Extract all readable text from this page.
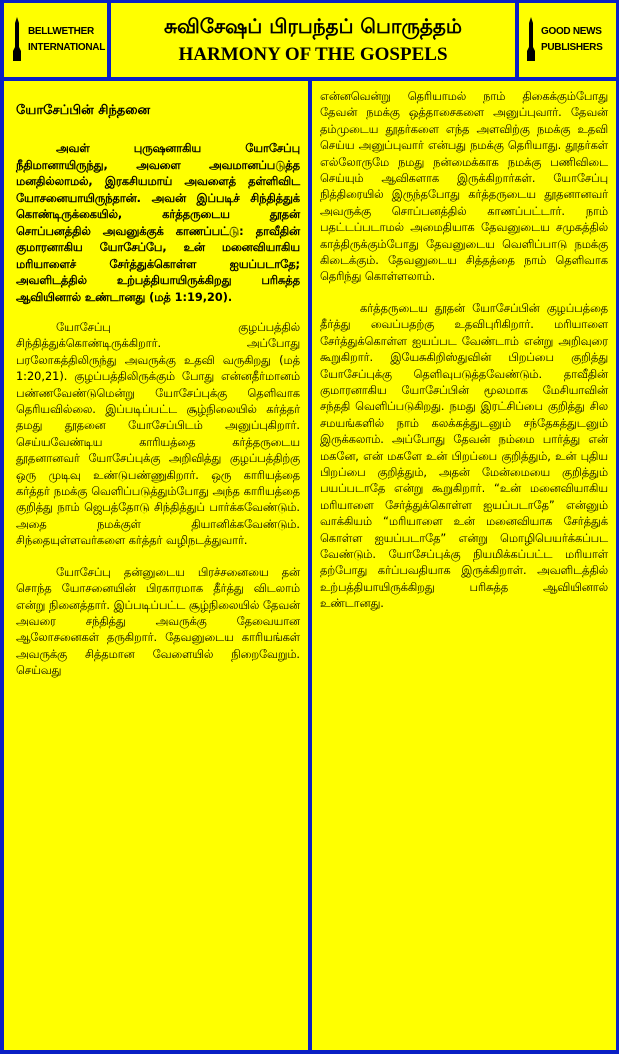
BELLWETHER
INTERNATIONAL
சுவிசேஷப் பிரபந்தப் பொருத்தம்
HARMONY OF THE GOSPELS
GOOD NEWS
PUBLISHERS
யோசேப்பின் சிந்தனை

அவள் புருஷனாகிய யோசேப்பு நீதிமானாயிருந்து, அவளை அவமானப்படுத்த மனதில்லாமல், இரகசியமாய் அவளைத் தள்ளிவிட யோசனையாயிருந்தான். அவன் இப்படிச் சிந்தித்துக் கொண்டிருக்கையில், கர்த்தருடைய தூதன் சொப்பனத்தில் அவனுக்குக் காணப்பட்டு: தாவீதின் குமாரனாகிய யோசேப்பே, உன் மனைவியாகிய மரியாளைச் சேர்த்துக்கொள்ள ஐயப்படாதே; அவளிடத்தில் உற்பத்தியாயிருக்கிறது பரிசுத்த ஆவியினால் உண்டானது (மத் 1:19,20).

யோசேப்பு குழப்பத்தில் சிந்தித்துக்கொண்டிருக்கிறார். அப்போது பரலோகத்திலிருந்து அவருக்கு உதவி வருகிறது (மத் 1:20,21). குழப்பத்திலிருக்கும் போது என்னதீர்மானம் பண்ணவேண்டுமென்று யோசேப்புக்கு தெளிவாக தெரியவில்லை. இப்படிப்பட்ட சூழ்நிலையில் கர்த்தர் தமது தூதனை யோசேப்பிடம் அனுப்புகிறார். செய்யவேண்டிய காரியத்தை கர்த்தருடைய தூதனானவர் யோசேப்புக்கு அறிவித்து குழப்பத்திற்கு ஒரு முடிவு உண்டுபண்ணுகிறார். ஒரு காரியத்தை கர்த்தர் நமக்கு வெளிப்படுத்தும்போது அந்த காரியத்தை குறித்து நாம் ஜெபத்தோடு சிந்தித்துப் பார்க்கவேண்டும். அதை நமக்குள் தியானிக்கவேண்டும். சிந்தையுள்ளவர்களை கர்த்தர் வழிநடத்துவார்.

யோசேப்பு தன்னுடைய பிரச்சனையை தன் சொந்த யோசனையின் பிரகாரமாக தீர்த்து விடலாம் என்று நினைத்தார். இப்படிப்பட்ட சூழ்நிலையில் தேவன் அவரை சந்தித்து அவருக்கு தேவையான ஆலோசனைகள் தருகிறார். தேவனுடைய காரியங்கள் அவருக்கு சித்தமான வேளையில் நிறைவேறும். செய்வது

என்னவென்று தெரியாமல் நாம் திகைக்கும்போது தேவன் நமக்கு ஒத்தாசைகளை அனுப்புவார். தேவன் தம்முடைய தூதர்களை எந்த அளவிற்கு நமக்கு உதவி செய்ய அனுப்புவார் என்பது நமக்கு தெரியாது. தூதர்கள் எல்லோருமே நமது நன்மைக்காக நமக்கு பணிவிடை செய்யும் ஆவிகளாக இருக்கிறார்கள். யோசேப்பு நித்திரையில் இருந்தபோது கர்த்தருடைய தூதனானவர் அவருக்கு சொப்பனத்தில் காணப்பட்டார். நாம் பதட்டப்படாமல் அமைதியாக தேவனுடைய சமுகத்தில் காத்திருக்கும்போது தேவனுடைய வெளிப்பாடு நமக்கு கிடைக்கும். தேவனுடைய சித்தத்தை நாம் தெளிவாக தெரிந்து கொள்ளலாம்.

கர்த்தருடைய தூதன் யோசேப்பின் குழப்பத்தை தீர்த்து வைப்பதற்கு உதவிபுரிகிறார். மரியாளை சேர்த்துக்கொள்ள ஐயப்பட வேண்டாம் என்று அறிவுரை கூறுகிறார். இயேசுகிறிஸ்துவின் பிறப்பை குறித்து யோசேப்புக்கு தெளிவுபடுத்தவேண்டும். தாவீதின் குமாரனாகிய யோசேப்பின் மூலமாக மேசியாவின் சந்ததி வெளிப்படுகிறது. நமது இரட்சிப்பை குறித்து சில சமயங்களில் நாம் கலக்கத்துடனும் சந்தேகத்துடனும் இருக்கலாம். அப்போது தேவன் நம்மை பார்த்து என் மகனே, என் மகளே உன் பிறப்பை குறித்தும், உன் புதிய பிறப்பை குறித்தும், அதன் மேன்மையை குறித்தும் பயப்படாதே என்று கூறுகிறார். “உன் மனைவியாகிய மரியாளை சேர்த்துக்கொள்ள ஐயப்படாதே” என்னும் வாக்கியம் “மரியாளை உன் மனைவியாக சேர்த்துக் கொள்ள ஐயப்படாதே” என்று மொழிபெயர்க்கப்பட வேண்டும். யோசேப்புக்கு நியமிக்கப்பட்ட மரியாள் தற்போது கர்ப்பவதியாக இருக்கிறாள். அவளிடத்தில் உற்பத்தியாயிருக்கிறது பரிசுத்த ஆவியினால் உண்டானது.
